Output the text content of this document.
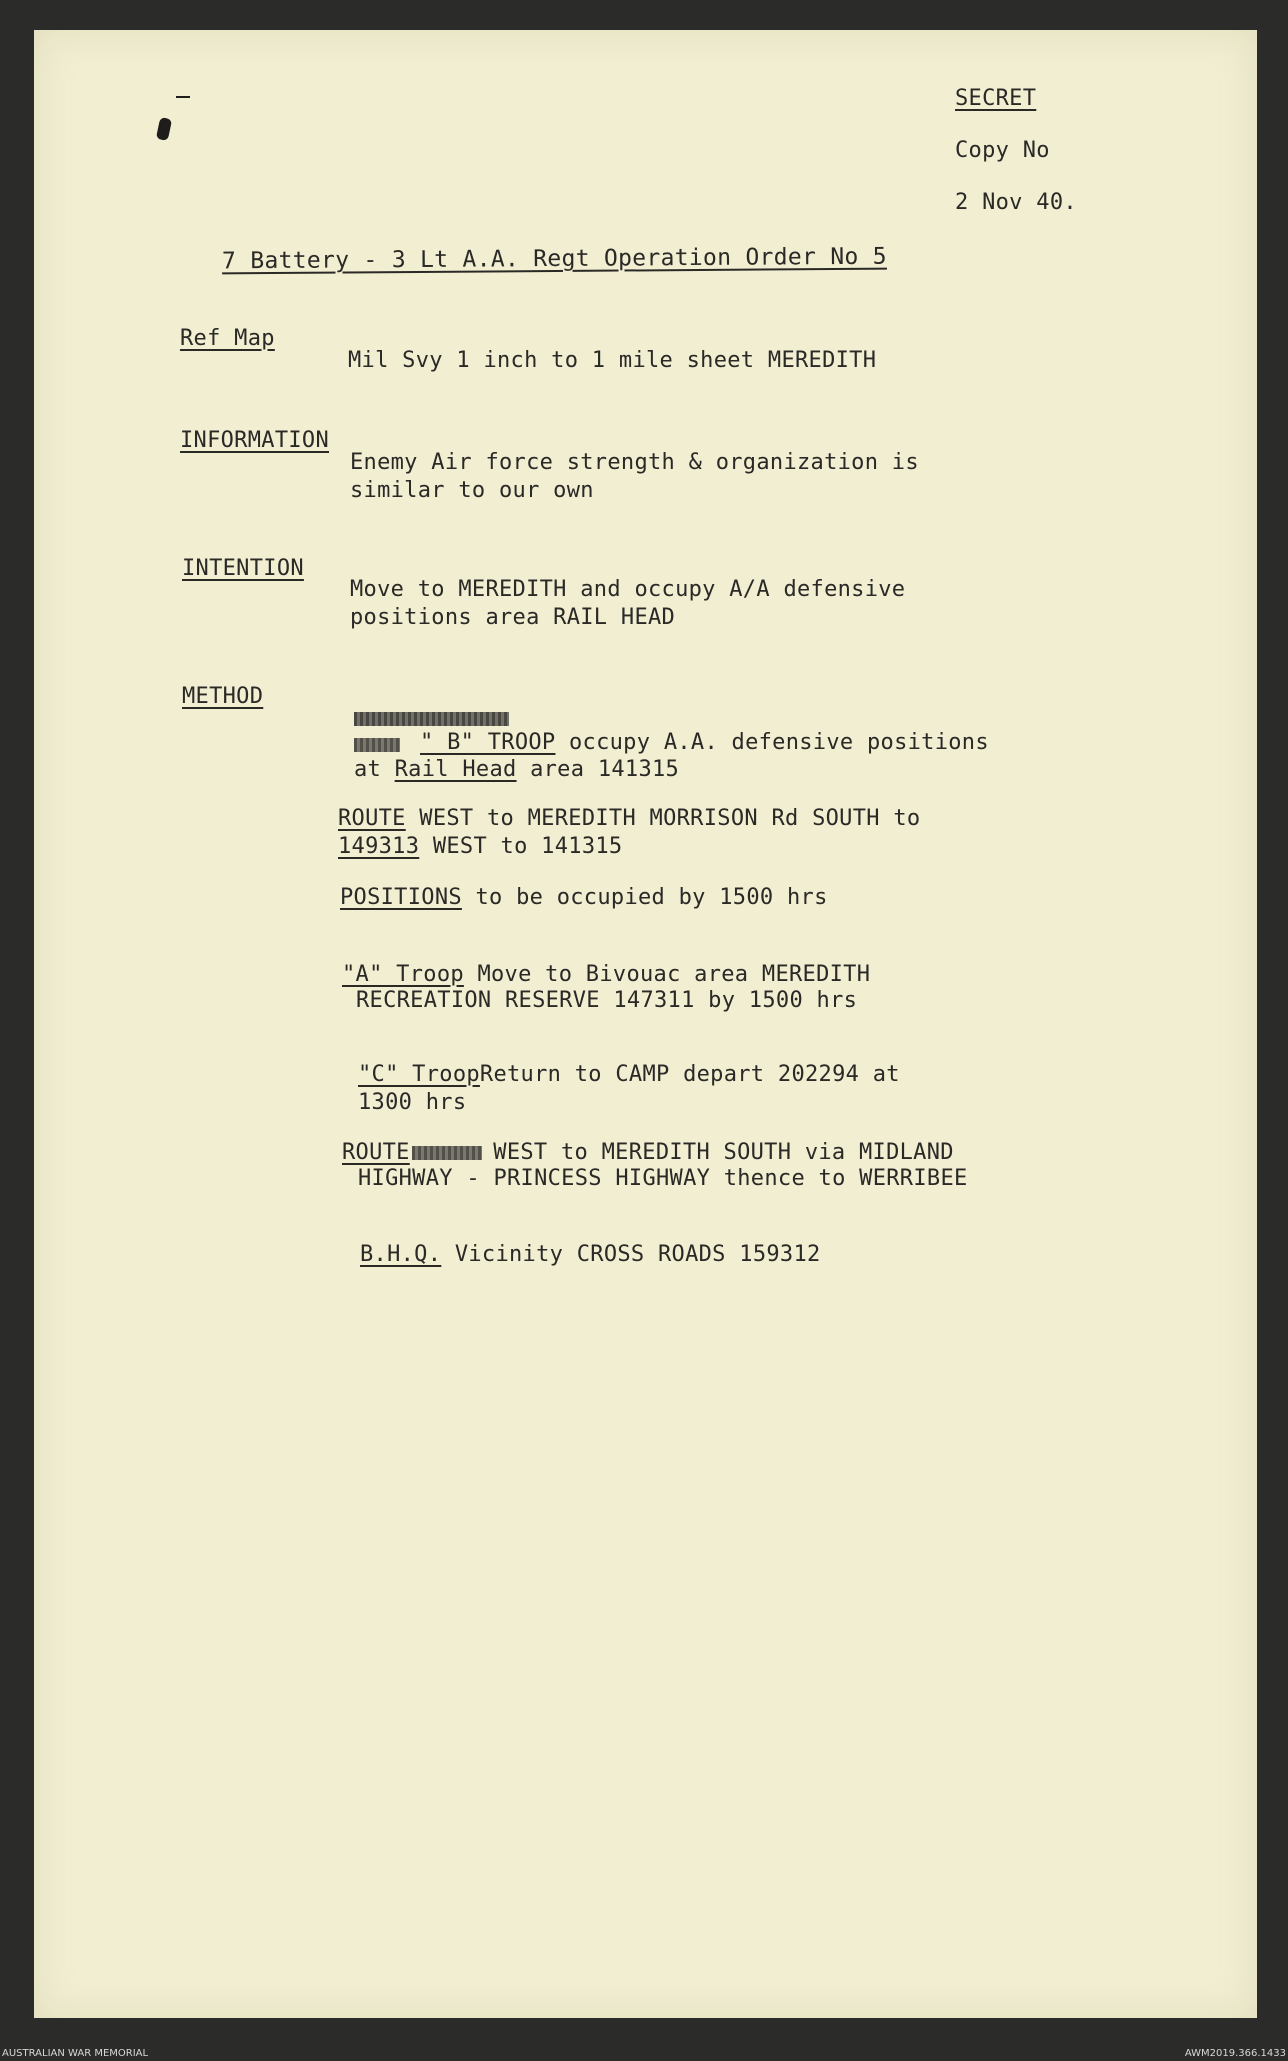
SECRET
Copy No
2 Nov 40.
7 Battery - 3 Lt A.A. Regt Operation Order No 5
Ref Map
Mil Svy 1 inch to 1 mile sheet MEREDITH
INFORMATION
Enemy Air force strength & organization is
similar to our own
INTENTION
Move to MEREDITH and occupy A/A defensive
positions area RAIL HEAD
METHOD
" B" TROOP occupy A.A. defensive positions
at Rail Head area 141315
ROUTE WEST to MEREDITH MORRISON Rd SOUTH to
149313 WEST to 141315
POSITIONS to be occupied by 1500 hrs
"A" Troop Move to Bivouac area MEREDITH
RECREATION RESERVE 147311 by 1500 hrs
"C" TroopReturn to CAMP depart 202294 at
1300 hrs
ROUTE	WEST to MEREDITH SOUTH via MIDLAND
HIGHWAY - PRINCESS HIGHWAY thence to WERRIBEE
B.H.Q. Vicinity CROSS ROADS 159312
AUSTRALIAN WAR MEMORIAL	AWM2019.366.1433
